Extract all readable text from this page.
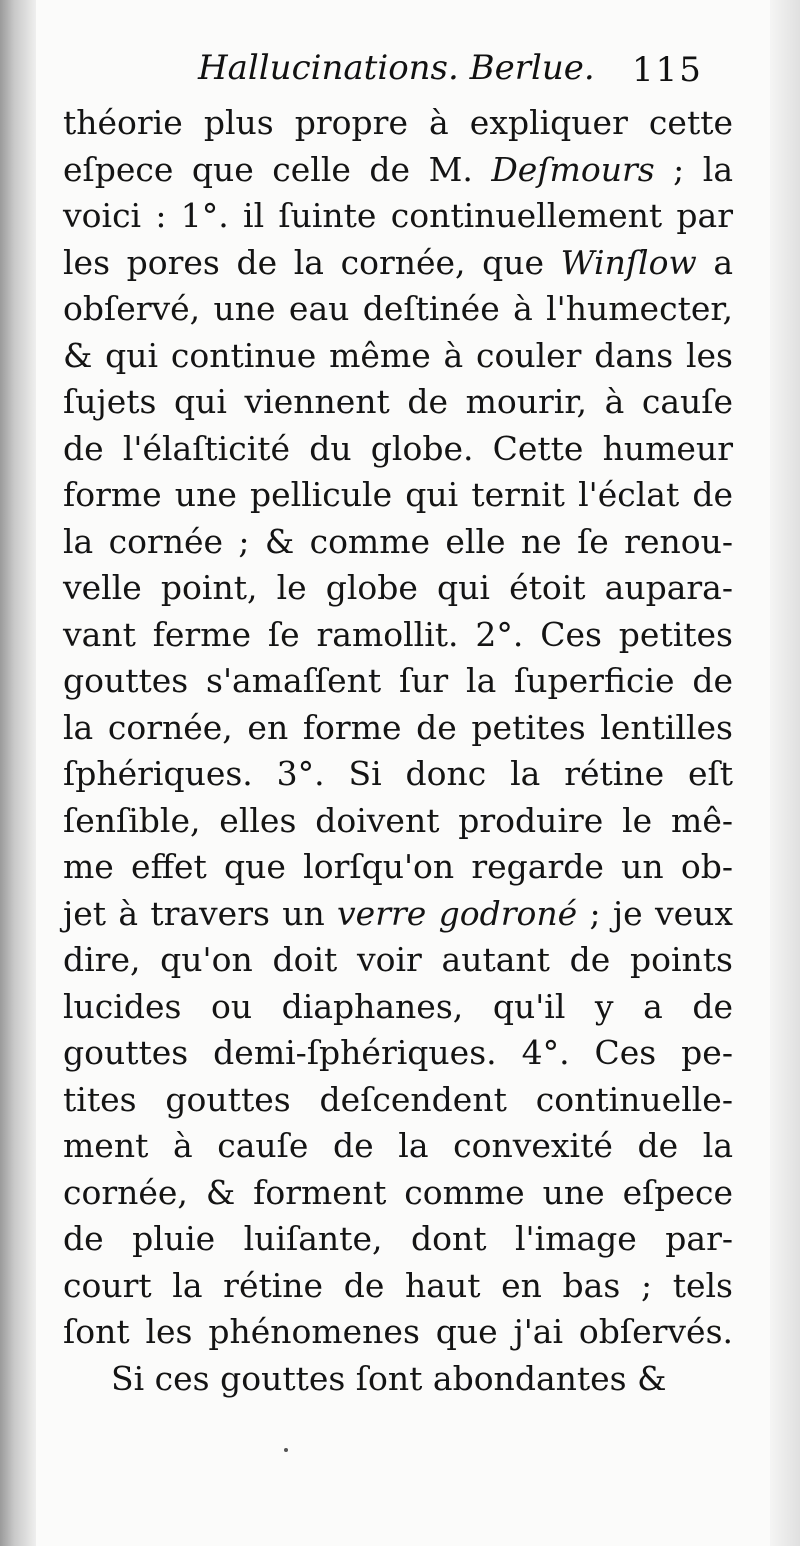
Hallucinations. Berlue. 115
théorie plus propre à expliquer cette
eſpece que celle de M. Deſmours ; la
voici : 1°. il ſuinte continuellement par
les pores de la cornée, que Winſlow a
obſervé, une eau deſtinée à l'humecter,
& qui continue même à couler dans les
ſujets qui viennent de mourir, à cauſe
de l'élaſticité du globe. Cette humeur
forme une pellicule qui ternit l'éclat de
la cornée ; & comme elle ne ſe renou-
velle point, le globe qui étoit aupara-
vant ferme ſe ramollit. 2°. Ces petites
gouttes s'amaſſent ſur la ſuperficie de
la cornée, en forme de petites lentilles
ſphériques. 3°. Si donc la rétine eſt
ſenſible, elles doivent produire le mê-
me effet que lorſqu'on regarde un ob-
jet à travers un verre godroné ; je veux
dire, qu'on doit voir autant de points
lucides ou diaphanes, qu'il y a de
gouttes demi-ſphériques. 4°. Ces pe-
tites gouttes deſcendent continuelle-
ment à cauſe de la convexité de la
cornée, & forment comme une eſpece
de pluie luiſante, dont l'image par-
court la rétine de haut en bas ; tels
ſont les phénomenes que j'ai obſervés.
Si ces gouttes ſont abondantes &
